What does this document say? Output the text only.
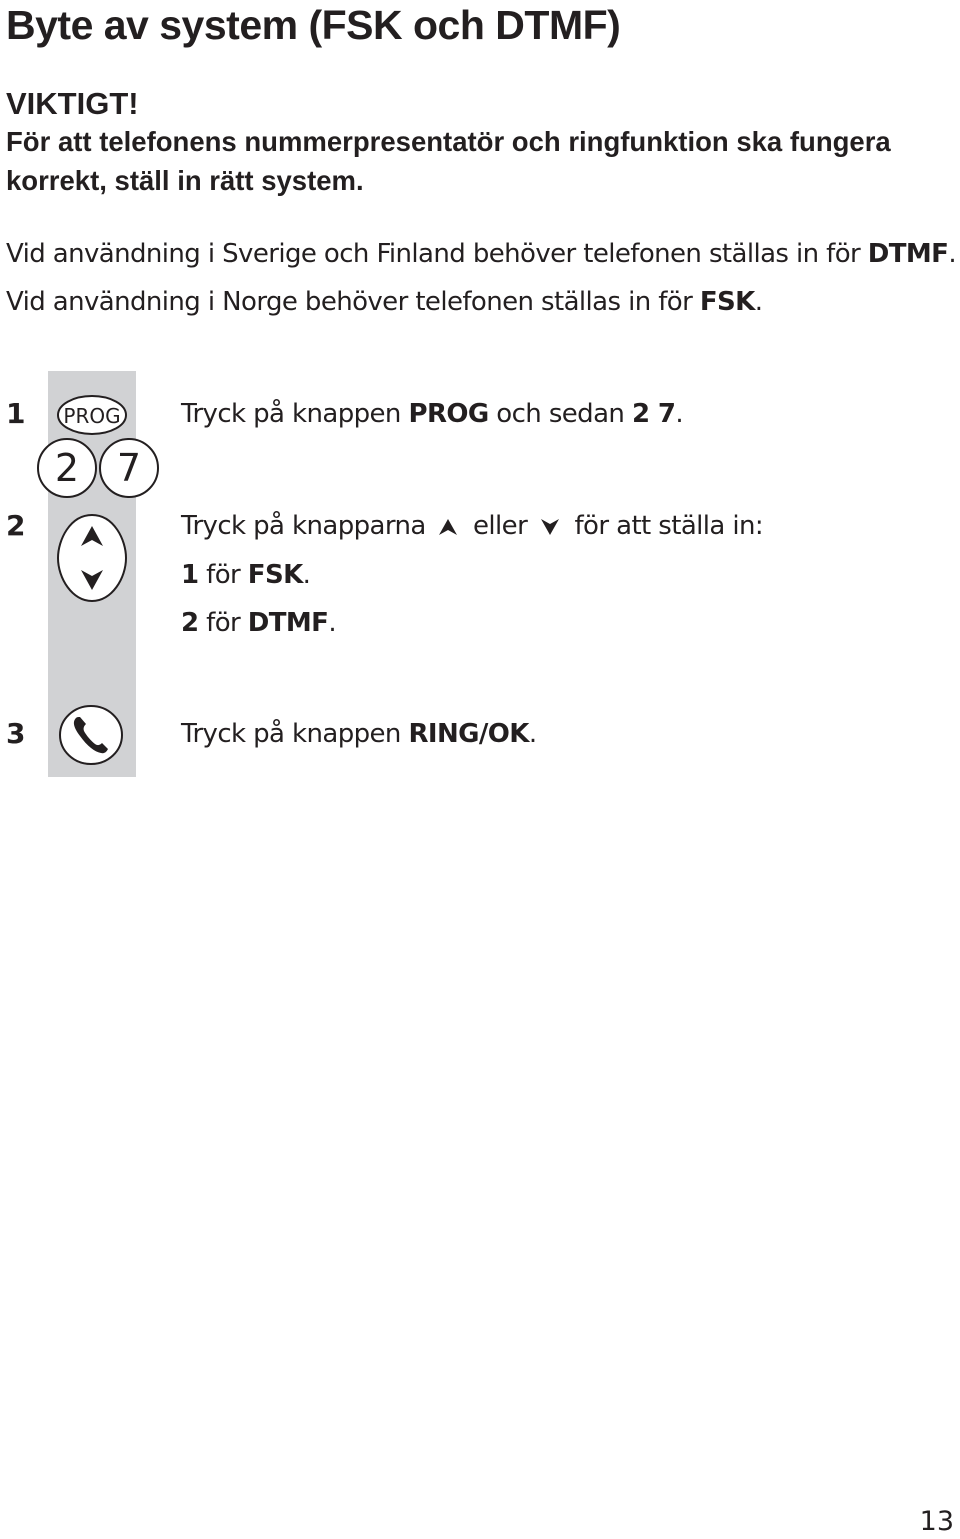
Byte av system (FSK och DTMF)
VIKTIGT!
För att telefonens nummerpresentatör och ringfunktion ska fungera korrekt, ställ in rätt system.
Vid användning i Sverige och Finland behöver telefonen ställas in för DTMF.
Vid användning i Norge behöver telefonen ställas in för FSK.
1 PROG
2 7
Tryck på knappen PROG och sedan 2 7.
2	Tryck på knapparna  eller  för att ställa in:
1 för FSK.
2 för DTMF.
3	Tryck på knappen RING/OK.
13
